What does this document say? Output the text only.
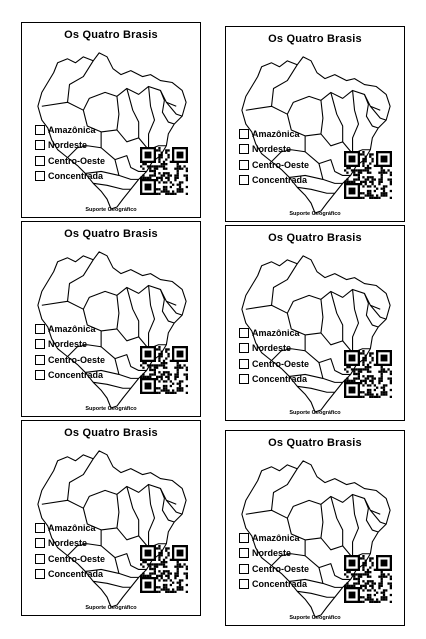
Os Quatro Brasis
Amazônica
Nordeste
Centro-Oeste
Concentrada
Suporte Geográfico
Os Quatro Brasis
Amazônica
Nordeste
Centro-Oeste
Concentrada
Suporte Geográfico
Os Quatro Brasis
Amazônica
Nordeste
Centro-Oeste
Concentrada
Suporte Geográfico
Os Quatro Brasis
Amazônica
Nordeste
Centro-Oeste
Concentrada
Suporte Geográfico
Os Quatro Brasis
Amazônica
Nordeste
Centro-Oeste
Concentrada
Suporte Geográfico
Os Quatro Brasis
Amazônica
Nordeste
Centro-Oeste
Concentrada
Suporte Geográfico
